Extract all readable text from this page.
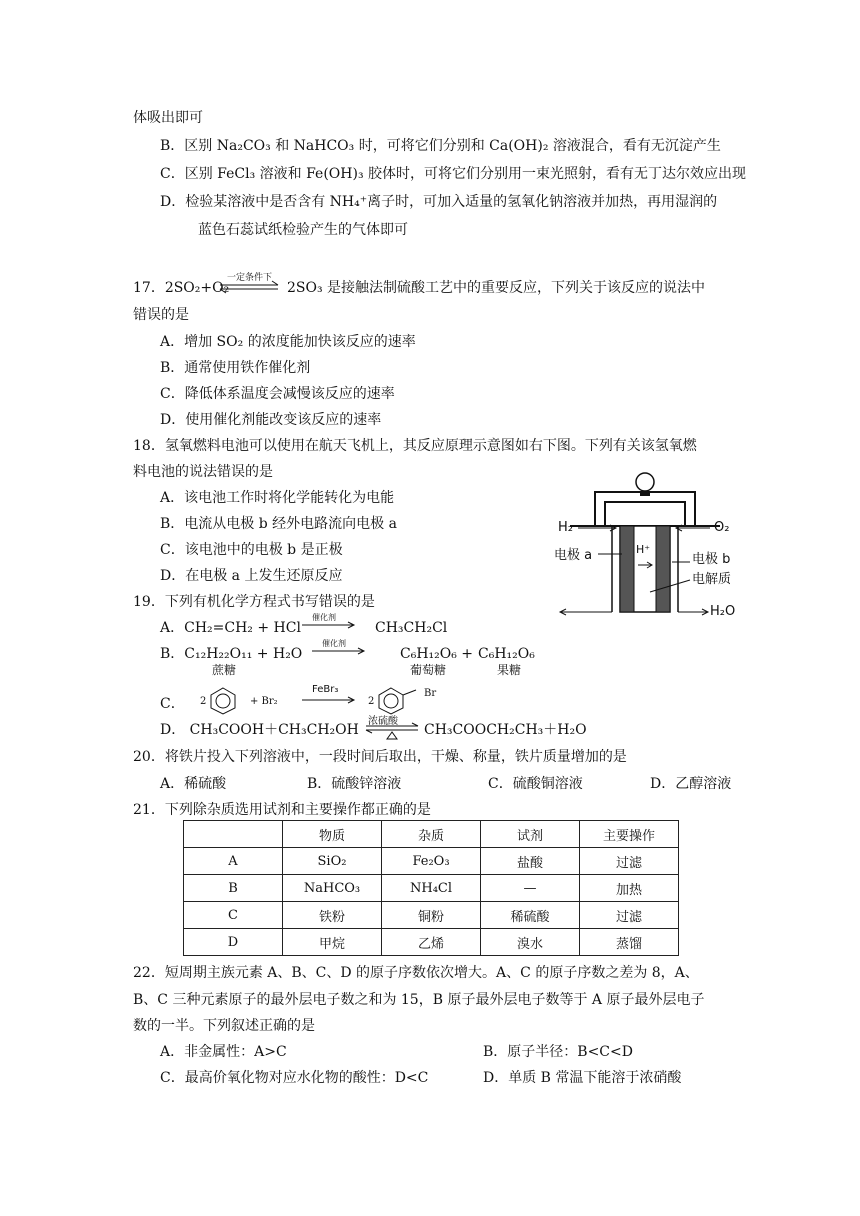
体吸出即可
B．区别 Na₂CO₃ 和 NaHCO₃ 时，可将它们分别和 Ca(OH)₂ 溶液混合，看有无沉淀产生
C．区别 FeCl₃ 溶液和 Fe(OH)₃ 胶体时，可将它们分别用一束光照射，看有无丁达尔效应出现
D．检验某溶液中是否含有 NH₄⁺离子时，可加入适量的氢氧化钠溶液并加热，再用湿润的
蓝色石蕊试纸检验产生的气体即可
17．2SO₂+O₂
一定条件下
2SO₃ 是接触法制硫酸工艺中的重要反应，下列关于该反应的说法中
错误的是
A．增加 SO₂ 的浓度能加快该反应的速率
B．通常使用铁作催化剂
C．降低体系温度会减慢该反应的速率
D．使用催化剂能改变该反应的速率
18．氢氧燃料电池可以使用在航天飞机上，其反应原理示意图如右下图。下列有关该氢氧燃
料电池的说法错误的是
A．该电池工作时将化学能转化为电能
B．电流从电极 b 经外电路流向电极 a
C．该电池中的电极 b 是正极
D．在电极 a 上发生还原反应
H₂	O₂
H⁺
电极 a	电极 b
电解质
H₂O
19．下列有机化学方程式书写错误的是
A．CH₂=CH₂ + HCl
催化剂
CH₃CH₂Cl
B．C₁₂H₂₂O₁₁ + H₂O
催化剂
C₆H₁₂O₆ + C₆H₁₂O₆
蔗糖	葡萄糖	果糖
C． 2	+ Br₂
FeBr₃
2
Br
D． CH₃COOH＋CH₃CH₂OH
浓硫酸
CH₃COOCH₂CH₃＋H₂O
20．将铁片投入下列溶液中，一段时间后取出，干燥、称量，铁片质量增加的是
A．稀硫酸	B．硫酸锌溶液	C．硫酸铜溶液	D．乙醇溶液
21．下列除杂质选用试剂和主要操作都正确的是
	物质	杂质	试剂	主要操作
A	SiO₂	Fe₂O₃	盐酸	过滤
B	NaHCO₃	NH₄Cl	—	加热
C	铁粉	铜粉	稀硫酸	过滤
D	甲烷	乙烯	溴水	蒸馏
22．短周期主族元素 A、B、C、D 的原子序数依次增大。A、C 的原子序数之差为 8，A、
B、C 三种元素原子的最外层电子数之和为 15，B 原子最外层电子数等于 A 原子最外层电子
数的一半。下列叙述正确的是
A．非金属性：A>C	B．原子半径：B<C<D
C．最高价氧化物对应水化物的酸性：D<C	D．单质 B 常温下能溶于浓硝酸
